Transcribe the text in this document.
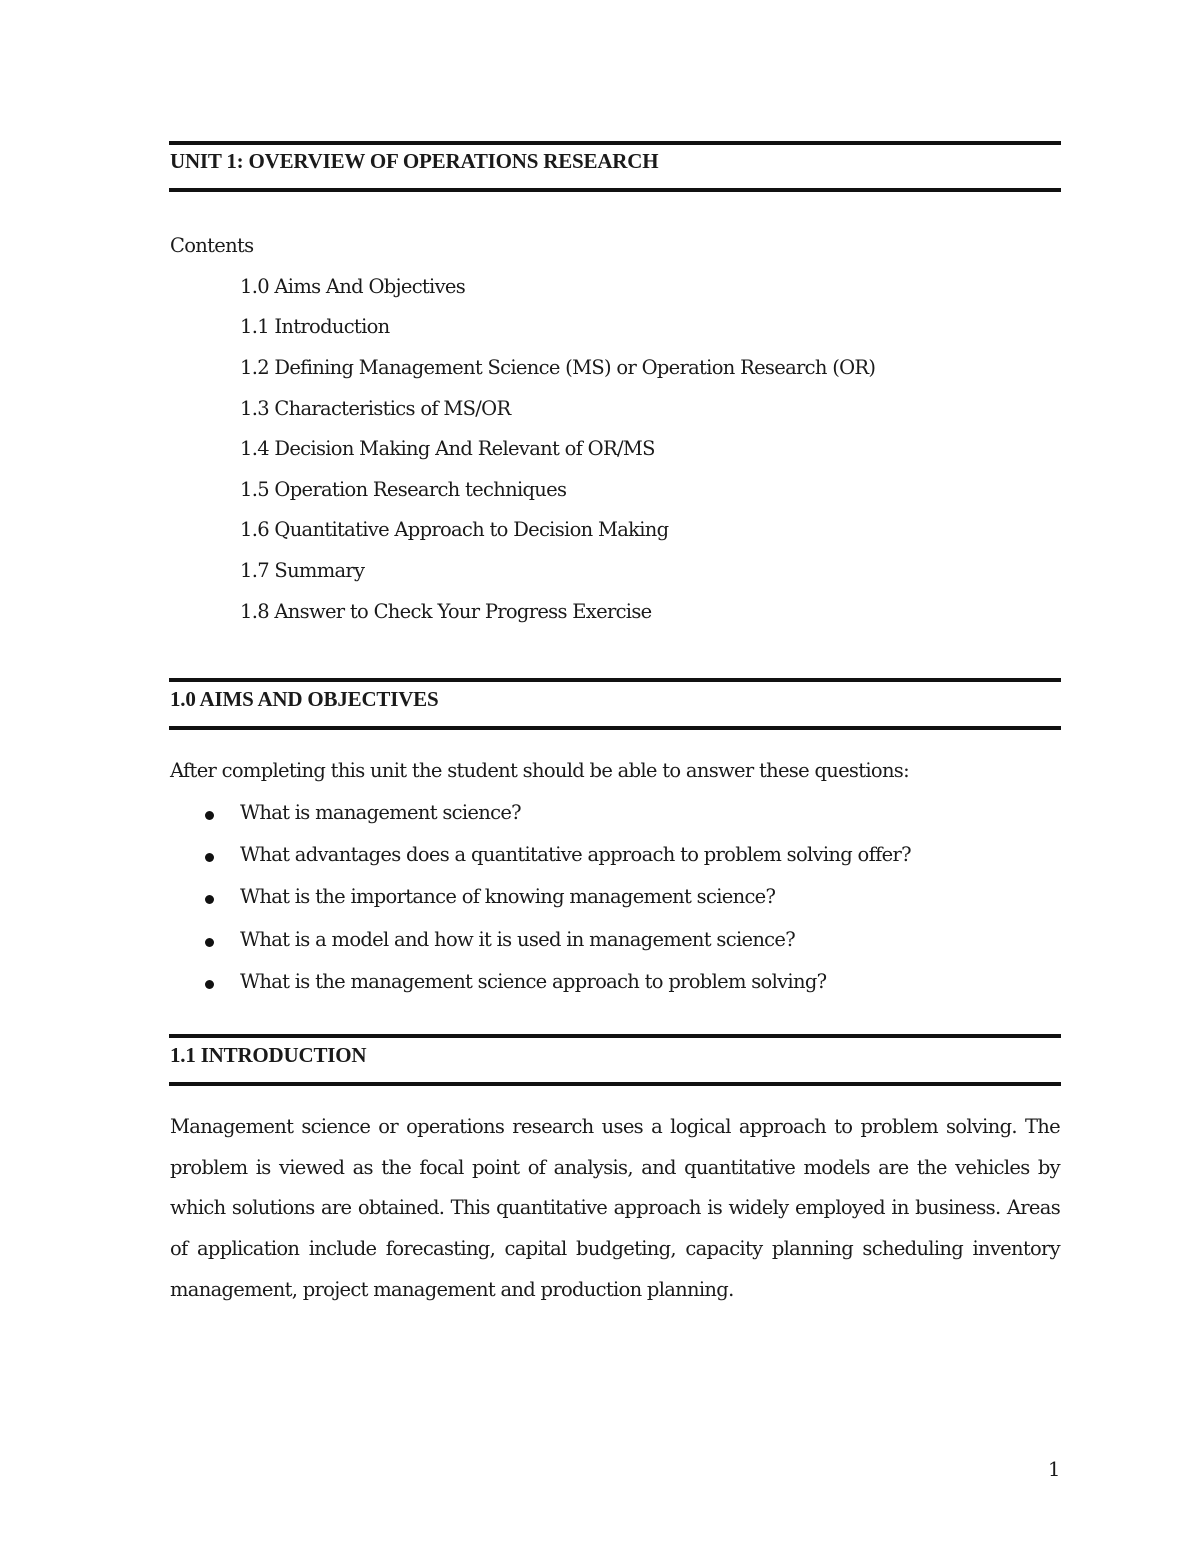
UNIT 1: OVERVIEW OF OPERATIONS RESEARCH
Contents
1.0 Aims And Objectives
1.1 Introduction
1.2 Defining Management Science (MS) or Operation Research (OR)
1.3 Characteristics of MS/OR
1.4 Decision Making And Relevant of OR/MS
1.5 Operation Research techniques
1.6 Quantitative Approach to Decision Making
1.7 Summary
1.8 Answer to Check Your Progress Exercise
1.0 AIMS AND OBJECTIVES
After completing this unit the student should be able to answer these questions:
What is management science?
What advantages does a quantitative approach to problem solving offer?
What is the importance of knowing management science?
What is a model and how it is used in management science?
What is the management science approach to problem solving?
1.1 INTRODUCTION
Management science or operations research uses a logical approach to problem solving. The problem is viewed as the focal point of analysis, and quantitative models are the vehicles by which solutions are obtained. This quantitative approach is widely employed in business. Areas of application include forecasting, capital budgeting, capacity planning scheduling inventory management, project management and production planning.
1
